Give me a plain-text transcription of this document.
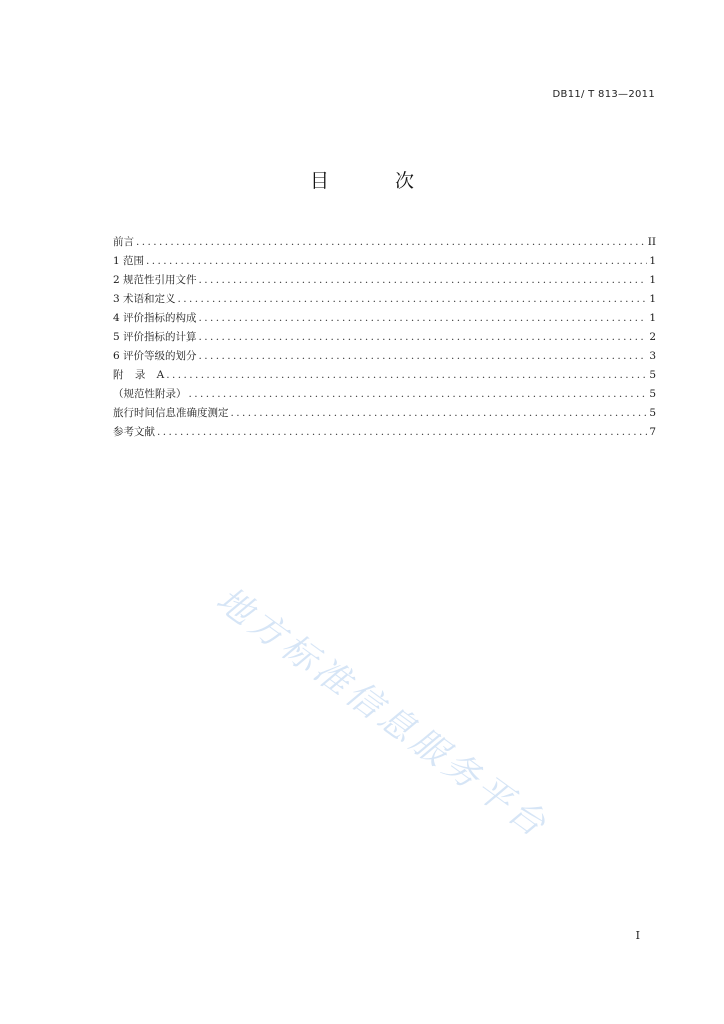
DB11/ T 813—2011
目 次
前言 .....	II
1 范围 .....	1
2 规范性引用文件 .....	1
3 术语和定义 .....	1
4 评价指标的构成 .....	1
5 评价指标的计算 .....	2
6 评价等级的划分 .....	3
附 录 A .....	5
（规范性附录） .....	5
旅行时间信息准确度测定 .....	5
参考文献 .....	7
地方标准信息服务平台
I
